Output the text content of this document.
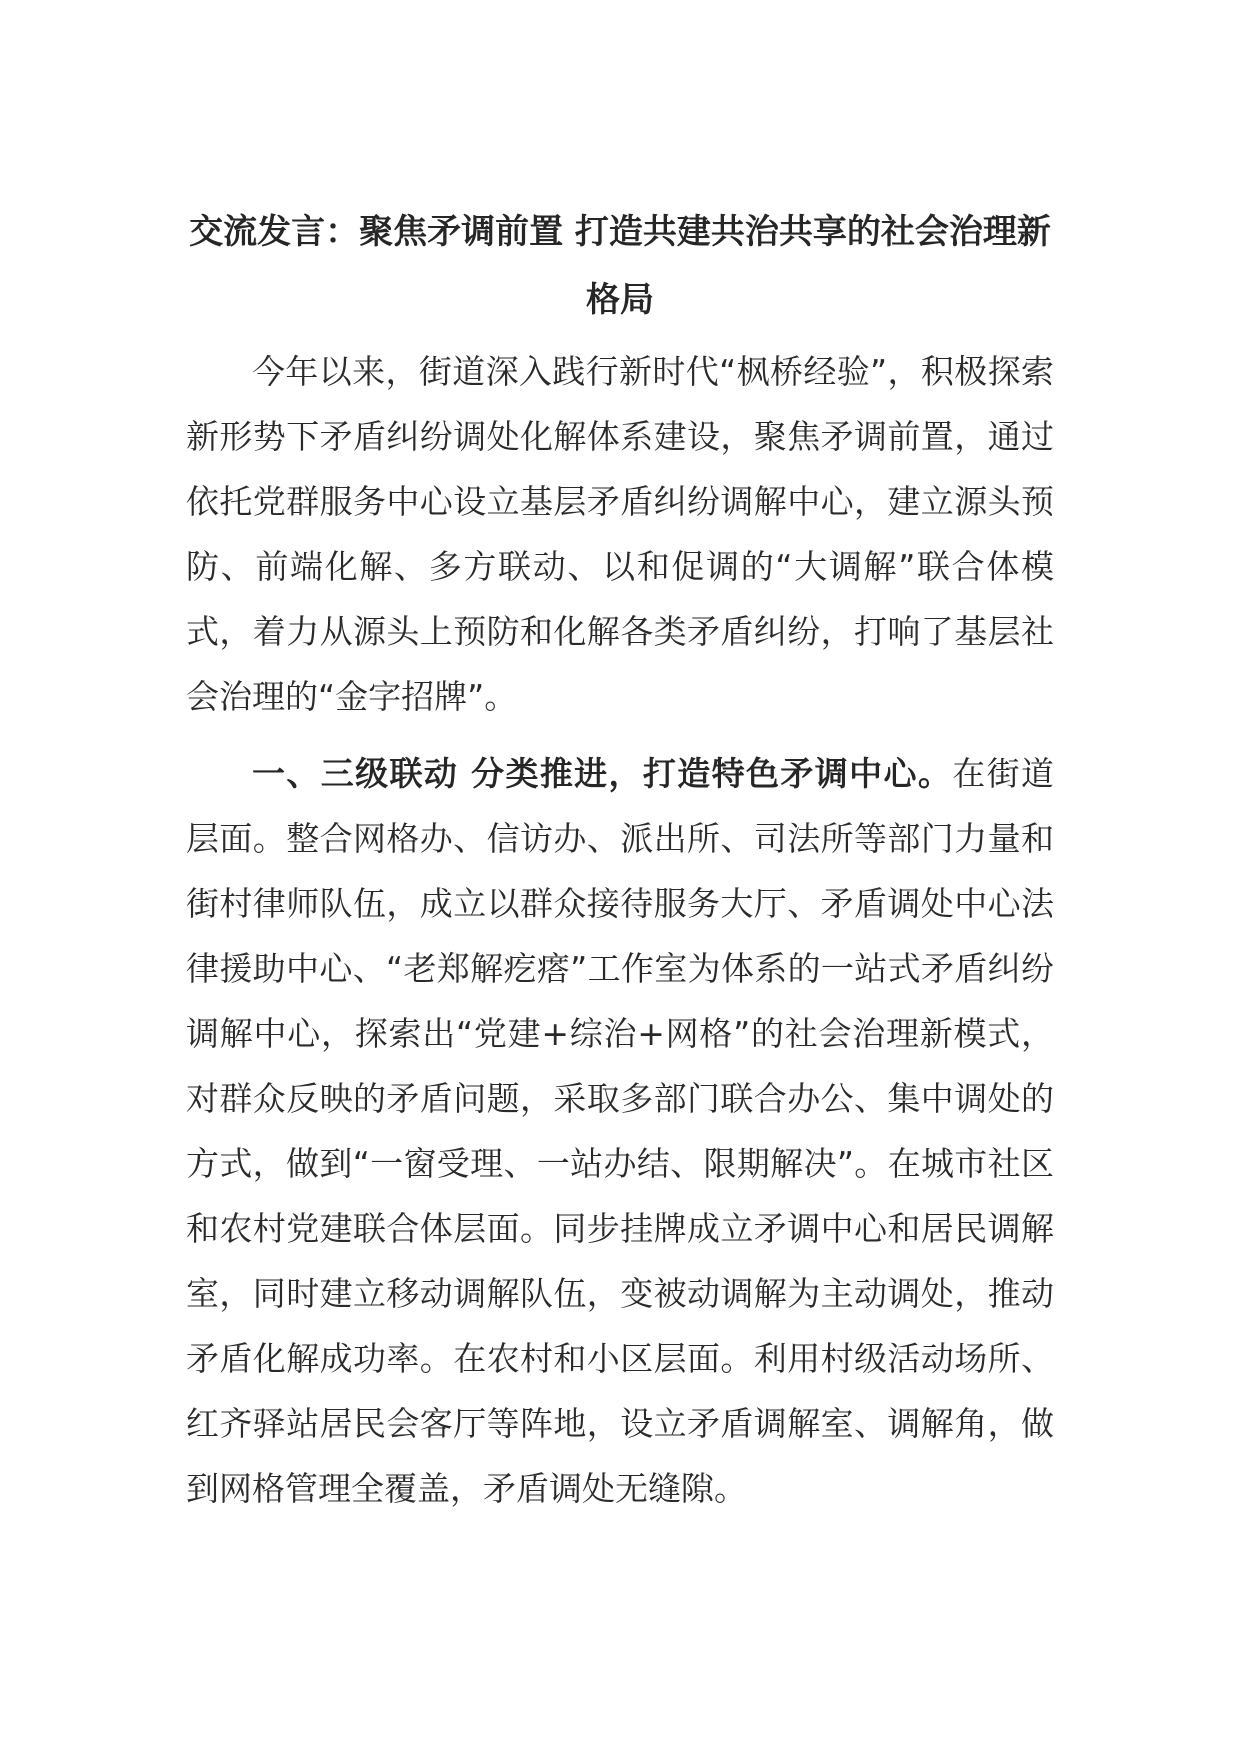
交流发言：聚焦矛调前置 打造共建共治共享的社会治理新格局

今年以来，街道深入践行新时代“枫桥经验”，积极探索新形势下矛盾纠纷调处化解体系建设，聚焦矛调前置，通过依托党群服务中心设立基层矛盾纠纷调解中心，建立源头预防、前端化解、多方联动、以和促调的“大调解”联合体模式，着力从源头上预防和化解各类矛盾纠纷，打响了基层社会治理的“金字招牌”。

一、三级联动 分类推进，打造特色矛调中心。在街道层面。整合网格办、信访办、派出所、司法所等部门力量和街村律师队伍，成立以群众接待服务大厅、矛盾调处中心法律援助中心、“老郑解疙瘩”工作室为体系的一站式矛盾纠纷调解中心，探索出“党建+综治+网格”的社会治理新模式，对群众反映的矛盾问题，采取多部门联合办公、集中调处的方式，做到“一窗受理、一站办结、限期解决”。在城市社区和农村党建联合体层面。同步挂牌成立矛调中心和居民调解室，同时建立移动调解队伍，变被动调解为主动调处，推动矛盾化解成功率。在农村和小区层面。利用村级活动场所、红齐驿站居民会客厅等阵地，设立矛盾调解室、调解角，做到网格管理全覆盖，矛盾调处无缝隙。
